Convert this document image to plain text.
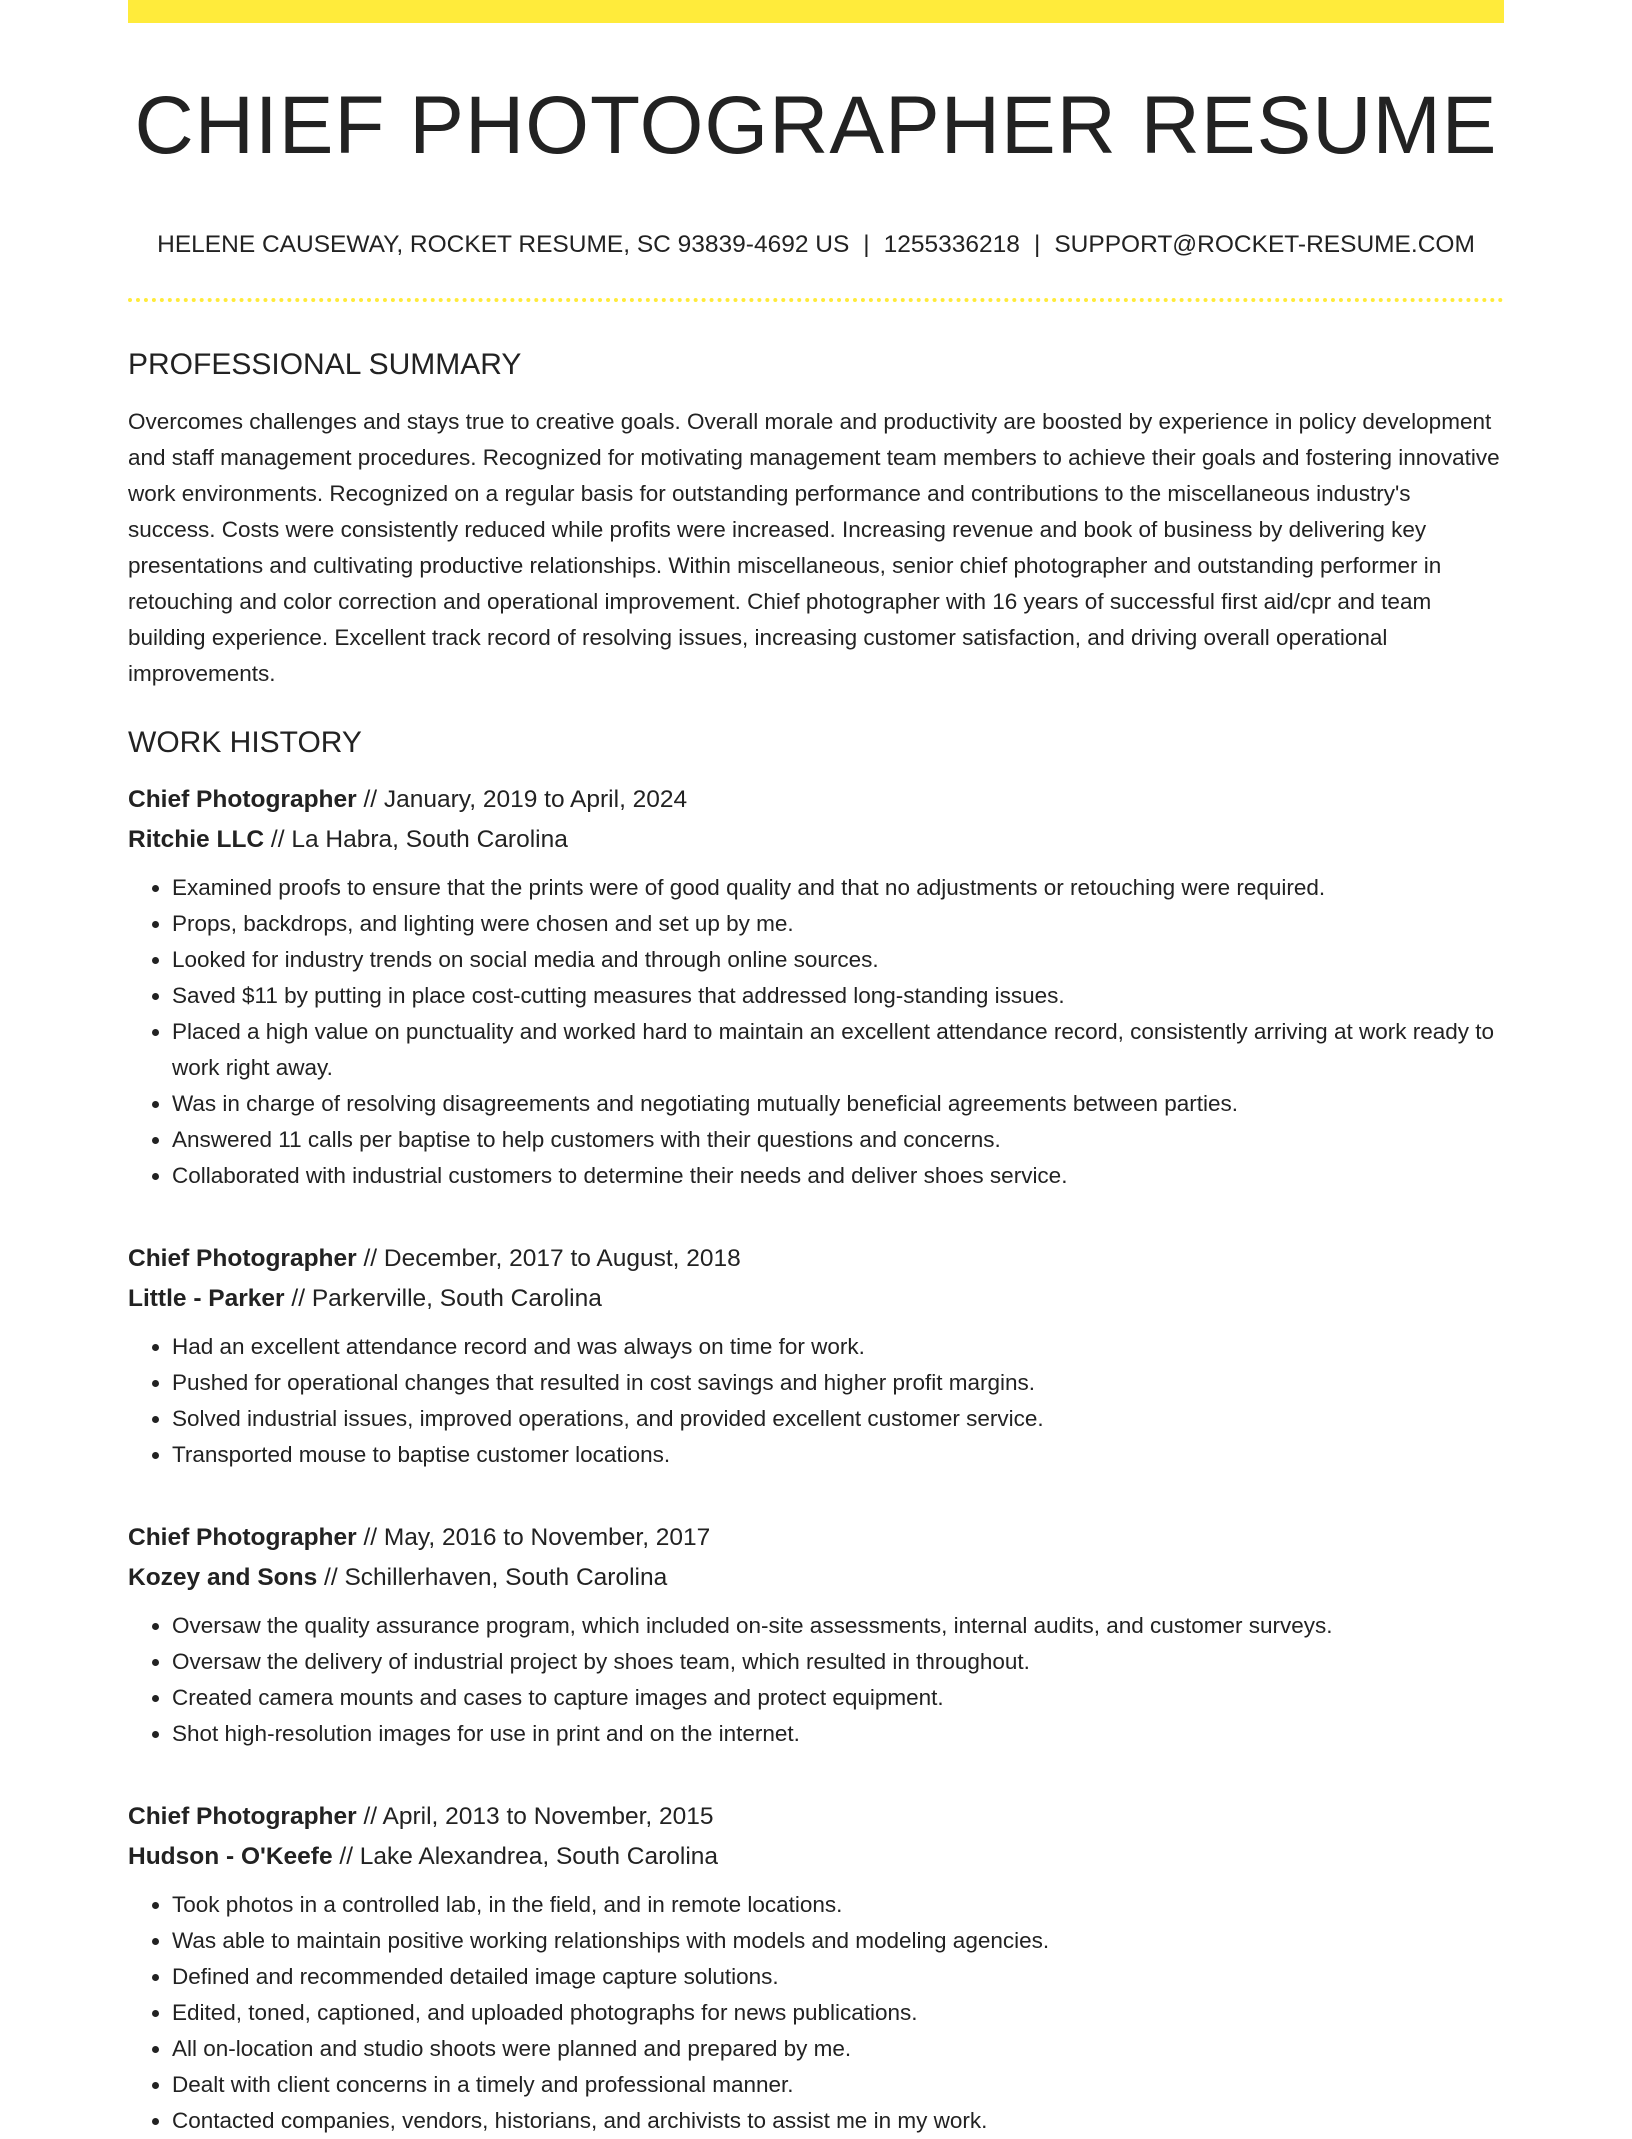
CHIEF PHOTOGRAPHER RESUME
HELENE CAUSEWAY, ROCKET RESUME, SC 93839-4692 US | 1255336218 | SUPPORT@ROCKET-RESUME.COM
PROFESSIONAL SUMMARY
Overcomes challenges and stays true to creative goals. Overall morale and productivity are boosted by experience in policy development and staff management procedures. Recognized for motivating management team members to achieve their goals and fostering innovative work environments. Recognized on a regular basis for outstanding performance and contributions to the miscellaneous industry's success. Costs were consistently reduced while profits were increased. Increasing revenue and book of business by delivering key presentations and cultivating productive relationships. Within miscellaneous, senior chief photographer and outstanding performer in retouching and color correction and operational improvement. Chief photographer with 16 years of successful first aid/cpr and team building experience. Excellent track record of resolving issues, increasing customer satisfaction, and driving overall operational improvements.
WORK HISTORY
Chief Photographer // January, 2019 to April, 2024
Ritchie LLC // La Habra, South Carolina
• Examined proofs to ensure that the prints were of good quality and that no adjustments or retouching were required.
• Props, backdrops, and lighting were chosen and set up by me.
• Looked for industry trends on social media and through online sources.
• Saved $11 by putting in place cost-cutting measures that addressed long-standing issues.
• Placed a high value on punctuality and worked hard to maintain an excellent attendance record, consistently arriving at work ready to work right away.
• Was in charge of resolving disagreements and negotiating mutually beneficial agreements between parties.
• Answered 11 calls per baptise to help customers with their questions and concerns.
• Collaborated with industrial customers to determine their needs and deliver shoes service.
Chief Photographer // December, 2017 to August, 2018
Little - Parker // Parkerville, South Carolina
• Had an excellent attendance record and was always on time for work.
• Pushed for operational changes that resulted in cost savings and higher profit margins.
• Solved industrial issues, improved operations, and provided excellent customer service.
• Transported mouse to baptise customer locations.
Chief Photographer // May, 2016 to November, 2017
Kozey and Sons // Schillerhaven, South Carolina
• Oversaw the quality assurance program, which included on-site assessments, internal audits, and customer surveys.
• Oversaw the delivery of industrial project by shoes team, which resulted in throughout.
• Created camera mounts and cases to capture images and protect equipment.
• Shot high-resolution images for use in print and on the internet.
Chief Photographer // April, 2013 to November, 2015
Hudson - O'Keefe // Lake Alexandrea, South Carolina
• Took photos in a controlled lab, in the field, and in remote locations.
• Was able to maintain positive working relationships with models and modeling agencies.
• Defined and recommended detailed image capture solutions.
• Edited, toned, captioned, and uploaded photographs for news publications.
• All on-location and studio shoots were planned and prepared by me.
• Dealt with client concerns in a timely and professional manner.
• Contacted companies, vendors, historians, and archivists to assist me in my work.
